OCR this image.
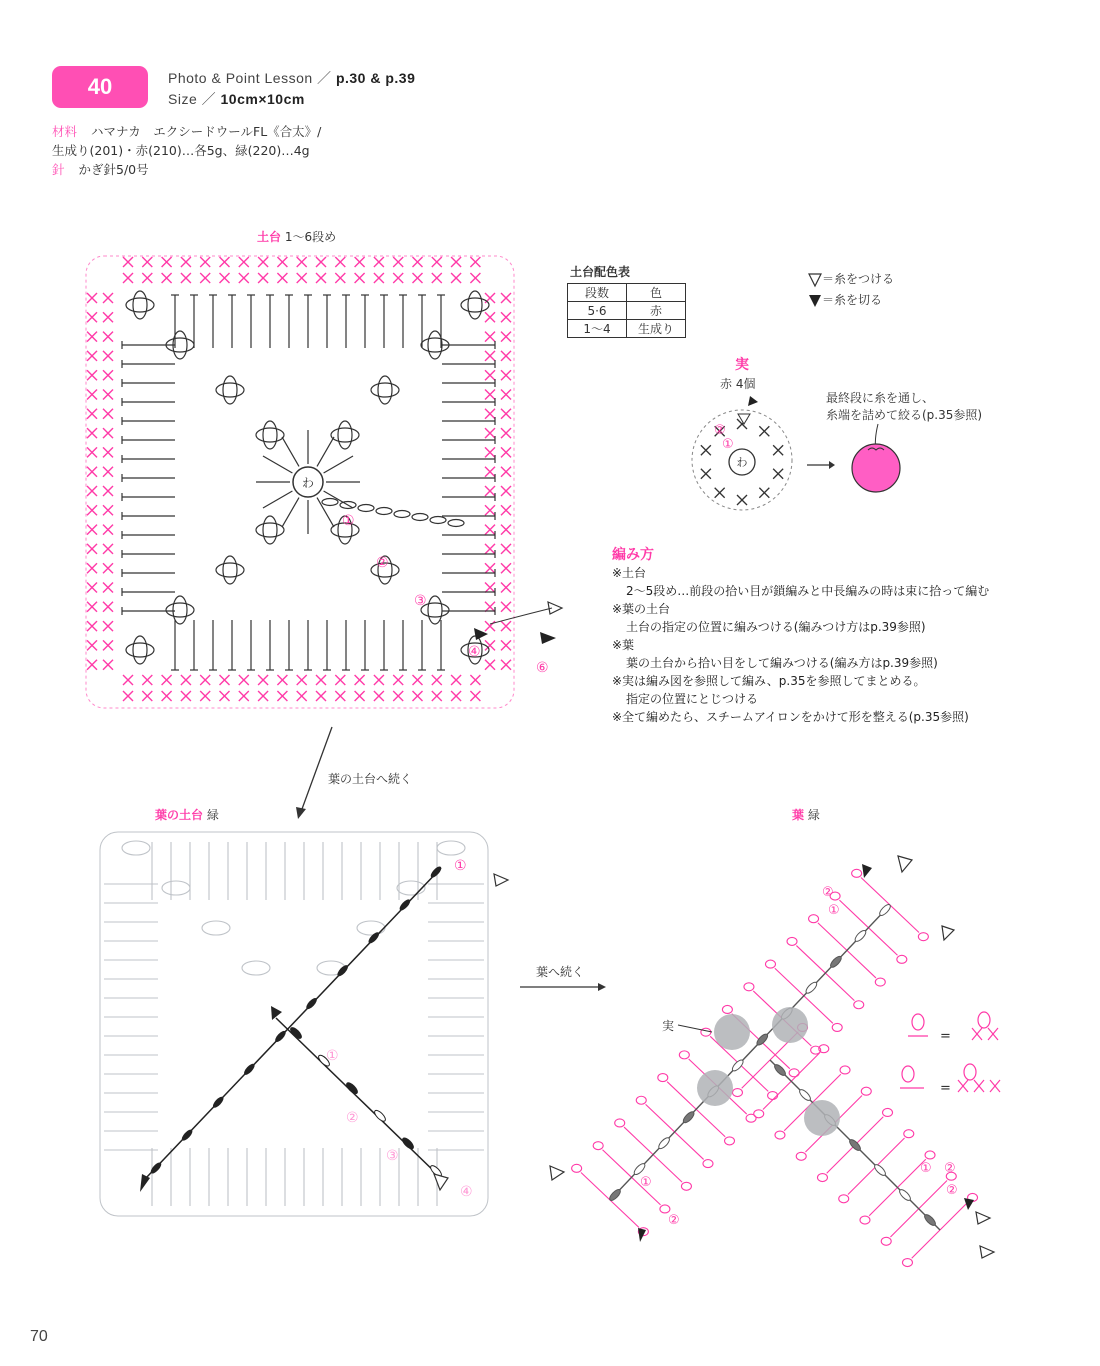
40	Photo & Point Lesson ／ p.30 & p.39
Size ／ 10cm×10cm
材料 ハマナカ　エクシードウールFL《合太》/
生成り(201)・赤(210)…各5g、緑(220)…4g
針 かぎ針5/0号
土台 1〜6段め
わ
①
②
③
④
⑥
土台配色表
段数	色
5·6	赤
1〜4	生成り
＝糸をつける
＝糸を切る
実
赤 4個
わ
②
①
最終段に糸を通し、
糸端を詰めて絞る(p.35参照)
編み方
※土台
2〜5段め…前段の拾い目が鎖編みと中長編みの時は束に拾って編む
※葉の土台
土台の指定の位置に編みつける(編みつけ方はp.39参照)
※葉
葉の土台から拾い目をして編みつける(編み方はp.39参照)
※実は編み図を参照して編み、p.35を参照してまとめる。
指定の位置にとじつける
※全て編めたら、スチームアイロンをかけて形を整える(p.35参照)
葉の土台へ続く
葉の土台 緑
①
①
②
③
④
葉へ続く
葉 緑
実
②
①
①
②
① ②
②
=
=
70
